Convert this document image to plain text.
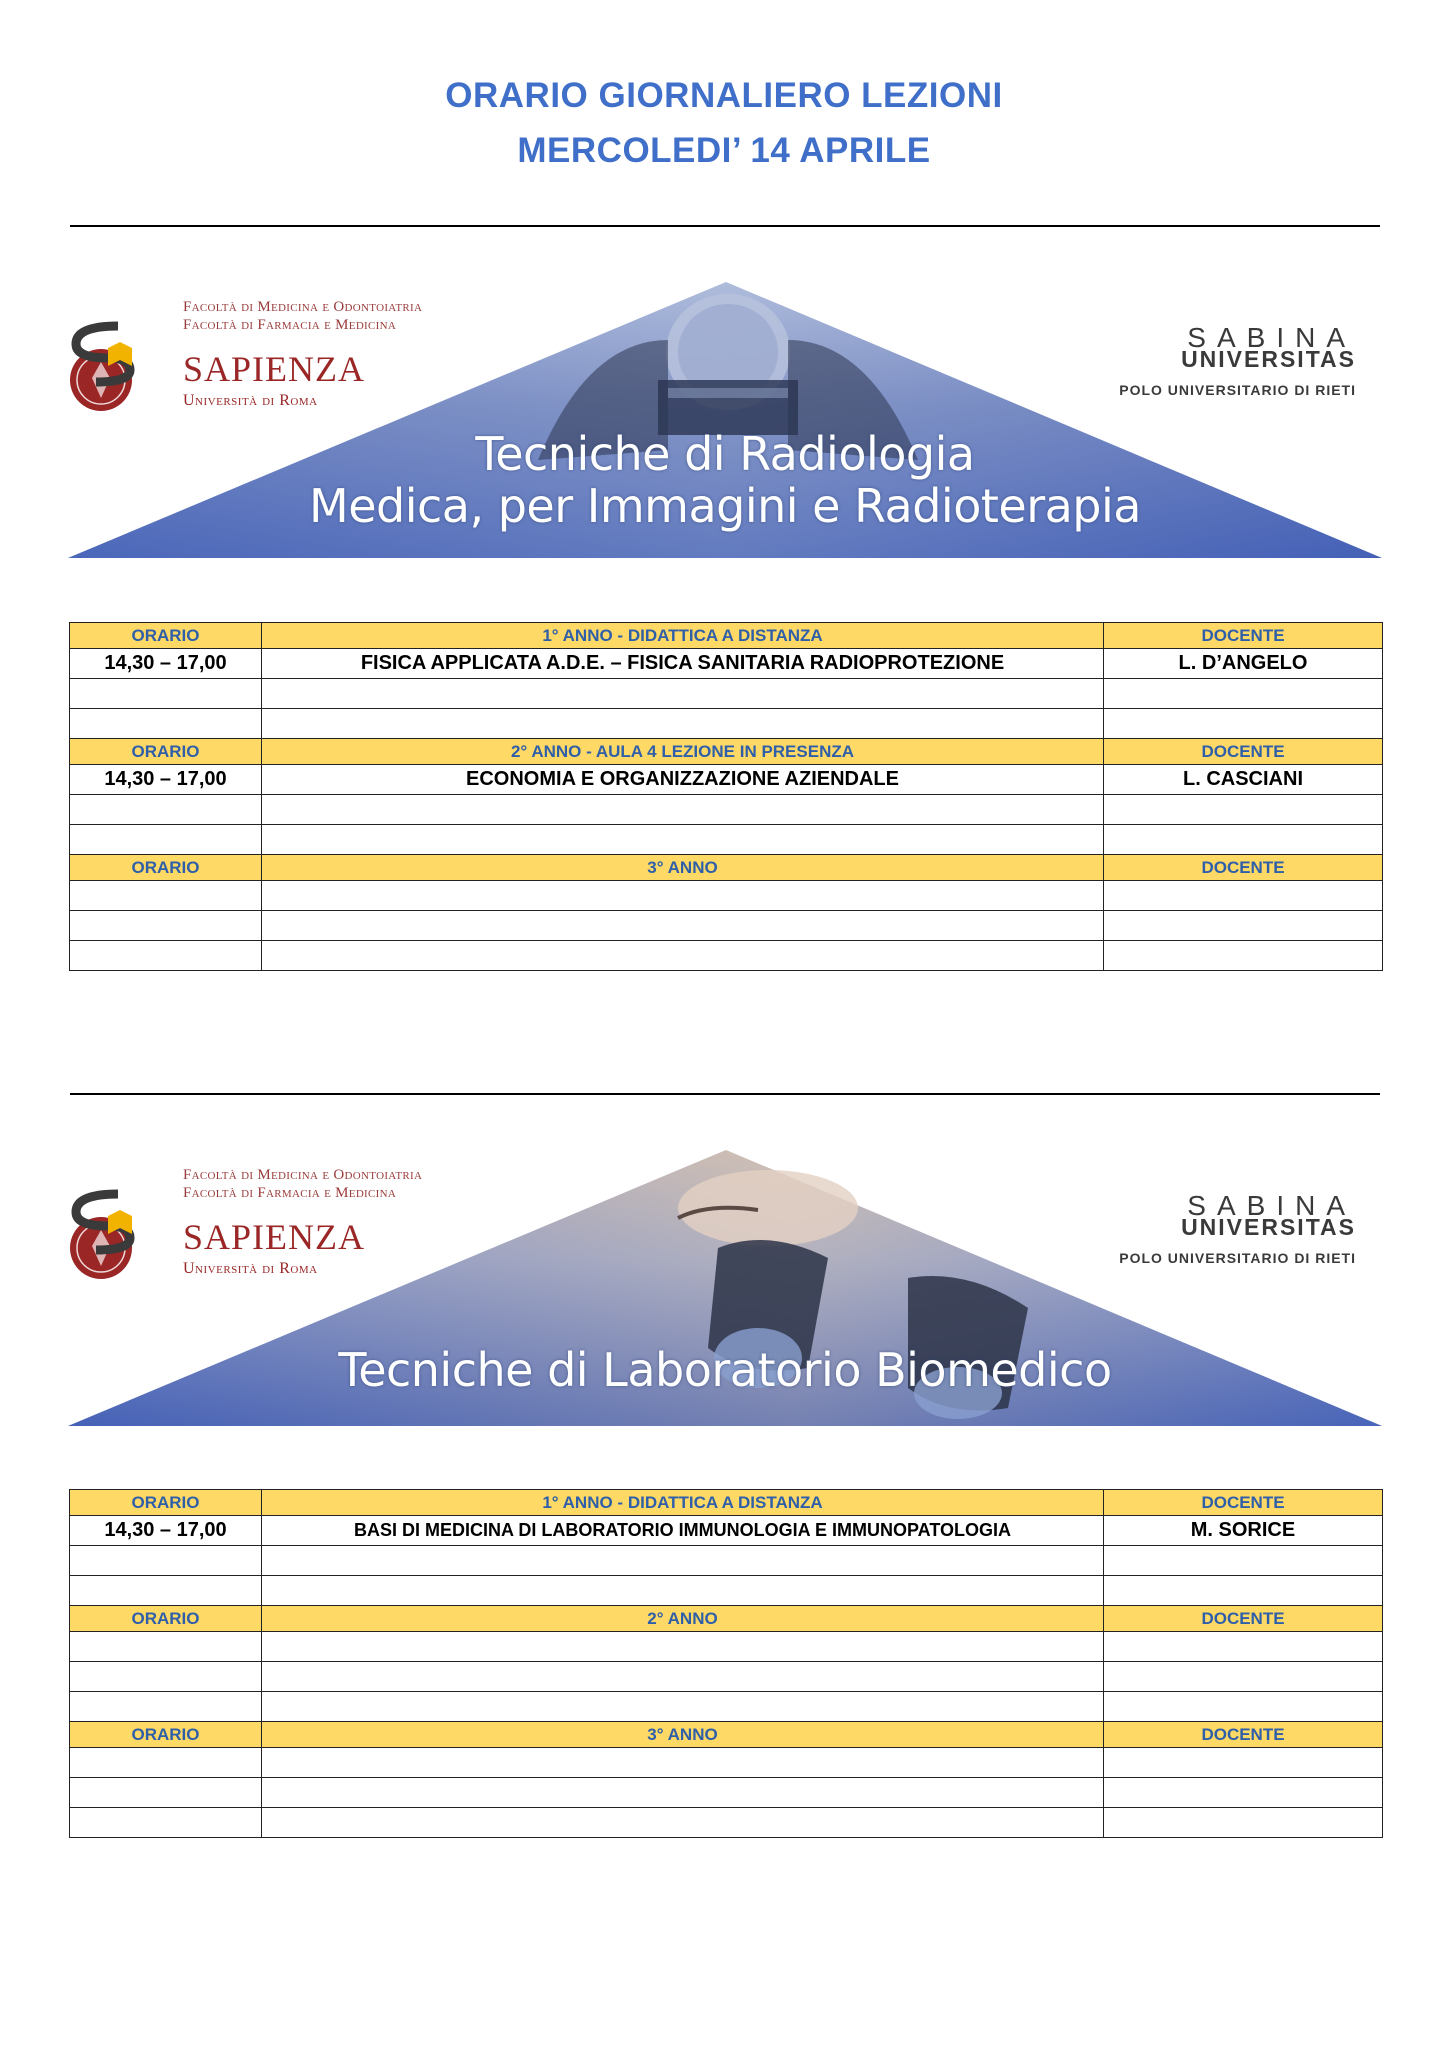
ORARIO GIORNALIERO LEZIONI
MERCOLEDI’ 14 APRILE
Facoltà di Medicina e Odontoiatria
Facoltà di Farmacia e Medicina
SAPIENZA
Università di Roma
SABINA
UNIVERSITAS
POLO UNIVERSITARIO DI RIETI
Tecniche di Radiologia
Medica, per Immagini e Radioterapia
ORARIO	1° ANNO - DIDATTICA A DISTANZA	DOCENTE
14,30 – 17,00	FISICA APPLICATA A.D.E. – FISICA SANITARIA RADIOPROTEZIONE	L. D’ANGELO

ORARIO	2° ANNO - AULA 4 LEZIONE IN PRESENZA	DOCENTE
14,30 – 17,00	ECONOMIA E ORGANIZZAZIONE AZIENDALE	L. CASCIANI

ORARIO	3° ANNO	DOCENTE

Facoltà di Medicina e Odontoiatria
Facoltà di Farmacia e Medicina
SAPIENZA
Università di Roma
SABINA
UNIVERSITAS
POLO UNIVERSITARIO DI RIETI
Tecniche di Laboratorio Biomedico
ORARIO	1° ANNO - DIDATTICA A DISTANZA	DOCENTE
14,30 – 17,00	BASI DI MEDICINA DI LABORATORIO IMMUNOLOGIA E IMMUNOPATOLOGIA	M. SORICE

ORARIO	2° ANNO	DOCENTE

ORARIO	3° ANNO	DOCENTE
